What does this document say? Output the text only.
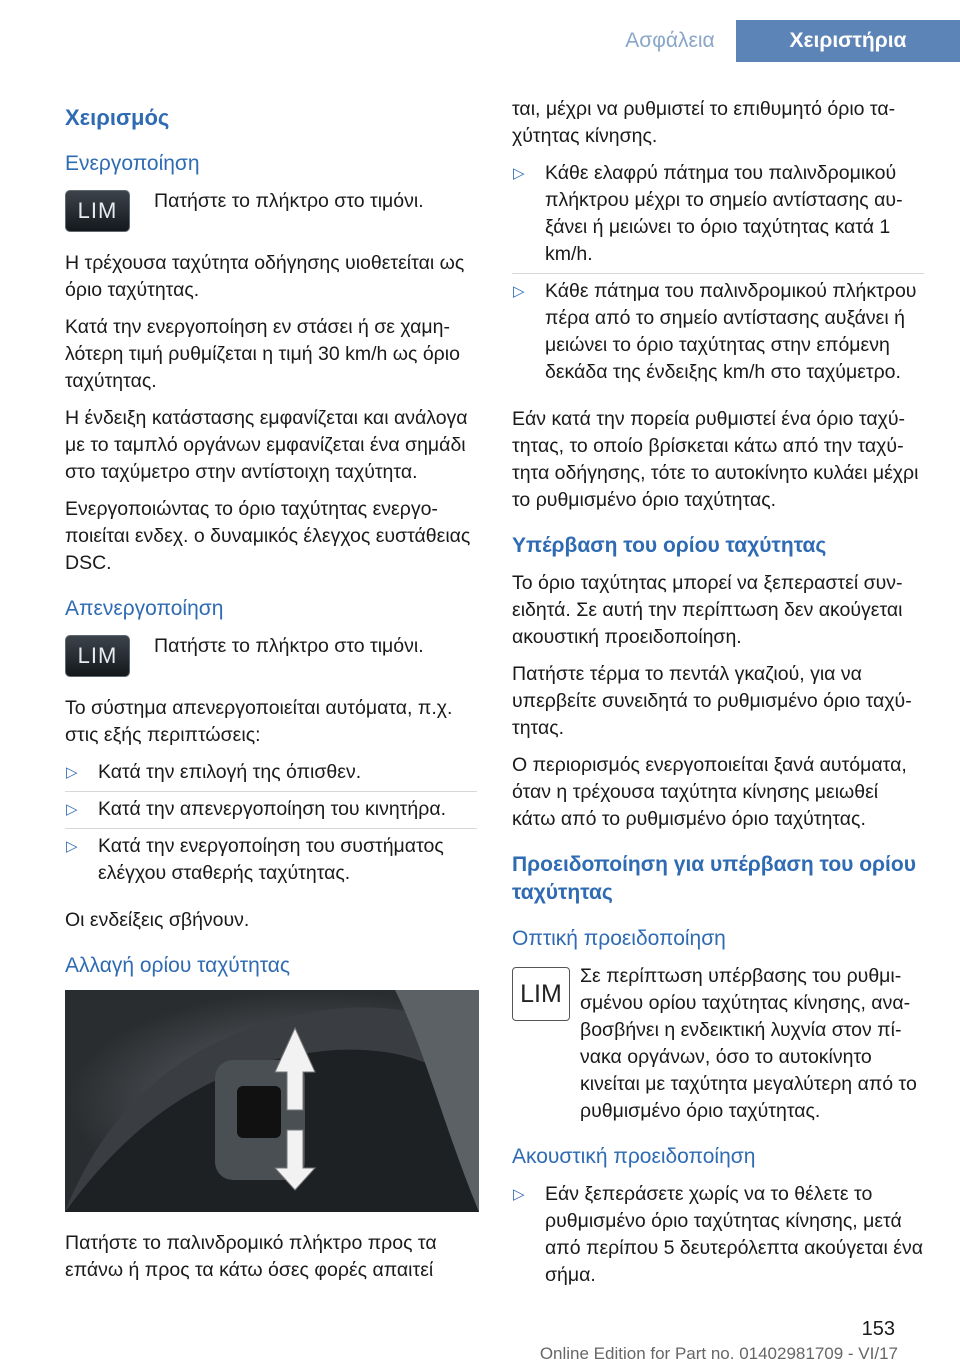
Ασφάλεια	Χειριστήρια
Χειρισμός
Ενεργοποίηση
LIM	Πατήστε το πλήκτρο στο τιμόνι.

Η τρέχουσα ταχύτητα οδήγησης υιοθετείται ως όριο ταχύτητας.

Κατά την ενεργοποίηση εν στάσει ή σε χαμηλότερη τιμή ρυθμίζεται η τιμή 30 km/h ως όριο ταχύτητας.

Η ένδειξη κατάστασης εμφανίζεται και ανάλογα με το ταμπλό οργάνων εμφανίζεται ένα σημάδι στο ταχύμετρο στην αντίστοιχη ταχύτητα.

Ενεργοποιώντας το όριο ταχύτητας ενεργοποιείται ενδεχ. ο δυναμικός έλεγχος ευστάθειας DSC.

Απενεργοποίηση
LIM	Πατήστε το πλήκτρο στο τιμόνι.

Το σύστημα απενεργοποιείται αυτόματα, π.χ. στις εξής περιπτώσεις:

▷ Κατά την επιλογή της όπισθεν.
▷ Κατά την απενεργοποίηση του κινητήρα.
▷ Κατά την ενεργοποίηση του συστήματος ελέγχου σταθερής ταχύτητας.

Οι ενδείξεις σβήνουν.

Αλλαγή ορίου ταχύτητας

Πατήστε το παλινδρομικό πλήκτρο προς τα επάνω ή προς τα κάτω όσες φορές απαιτεί

ται, μέχρι να ρυθμιστεί το επιθυμητό όριο ταχύτητας κίνησης.

▷ Κάθε ελαφρύ πάτημα του παλινδρομικού πλήκτρου μέχρι το σημείο αντίστασης αυξάνει ή μειώνει το όριο ταχύτητας κατά 1 km/h.
▷ Κάθε πάτημα του παλινδρομικού πλήκτρου πέρα από το σημείο αντίστασης αυξάνει ή μειώνει το όριο ταχύτητας στην επόμενη δεκάδα της ένδειξης km/h στο ταχύμετρο.

Εάν κατά την πορεία ρυθμιστεί ένα όριο ταχύτητας, το οποίο βρίσκεται κάτω από την ταχύτητα οδήγησης, τότε το αυτοκίνητο κυλάει μέχρι το ρυθμισμένο όριο ταχύτητας.

Υπέρβαση του ορίου ταχύτητας

Το όριο ταχύτητας μπορεί να ξεπεραστεί συνειδητά. Σε αυτή την περίπτωση δεν ακούγεται ακουστική προειδοποίηση.

Πατήστε τέρμα το πεντάλ γκαζιού, για να υπερβείτε συνειδητά το ρυθμισμένο όριο ταχύτητας.

Ο περιορισμός ενεργοποιείται ξανά αυτόματα, όταν η τρέχουσα ταχύτητα κίνησης μειωθεί κάτω από το ρυθμισμένο όριο ταχύτητας.

Προειδοποίηση για υπέρβαση του ορίου ταχύτητας
Οπτική προειδοποίηση
LIM

Σε περίπτωση υπέρβασης του ρυθμισμένου ορίου ταχύτητας κίνησης, αναβοσβήνει η ενδεικτική λυχνία στον πίνακα οργάνων, όσο το αυτοκίνητο κινείται με ταχύτητα μεγαλύτερη από το ρυθμισμένο όριο ταχύτητας.

Ακουστική προειδοποίηση
▷ Εάν ξεπεράσετε χωρίς να το θέλετε το ρυθμισμένο όριο ταχύτητας κίνησης, μετά από περίπου 5 δευτερόλεπτα ακούγεται ένα σήμα.
153
Online Edition for Part no. 01402981709 - VI/17
